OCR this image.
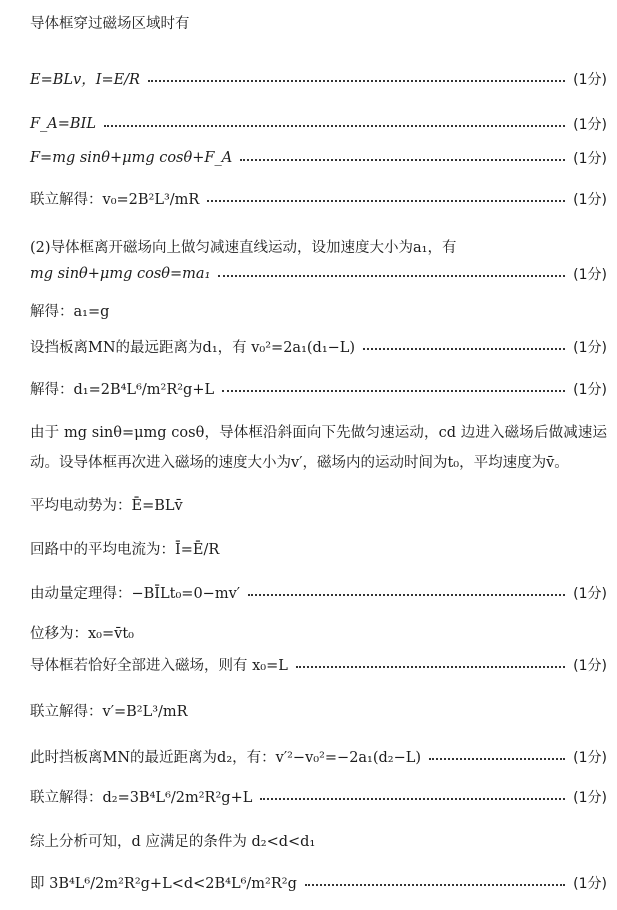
导体框穿过磁场区域时有
E=BLv，I=E/R	(1分)
F_A=BIL	(1分)
F=mg sinθ+μmg cosθ+F_A	(1分)
联立解得：v₀=2B²L³/mR	(1分)
(2)导体框离开磁场向上做匀减速直线运动，设加速度大小为a₁，有
mg sinθ+μmg cosθ=ma₁	(1分)
解得：a₁=g
设挡板离MN的最远距离为d₁，有 v₀²=2a₁(d₁−L)	(1分)
解得：d₁=2B⁴L⁶/m²R²g+L	(1分)
由于 mg sinθ=μmg cosθ，导体框沿斜面向下先做匀速运动，cd 边进入磁场后做减速运动。设导体框再次进入磁场的速度大小为v′，磁场内的运动时间为t₀，平均速度为v̄。
平均电动势为：Ē=BLv̄
回路中的平均电流为：Ī=Ē/R
由动量定理得：−BĪLt₀=0−mv′	(1分)
位移为：x₀=v̄t₀
导体框若恰好全部进入磁场，则有 x₀=L	(1分)
联立解得：v′=B²L³/mR
此时挡板离MN的最近距离为d₂，有：v′²−v₀²=−2a₁(d₂−L)	(1分)
联立解得：d₂=3B⁴L⁶/2m²R²g+L	(1分)
综上分析可知，d 应满足的条件为 d₂<d<d₁
即 3B⁴L⁶/2m²R²g+L<d<2B⁴L⁶/m²R²g	(1分)
